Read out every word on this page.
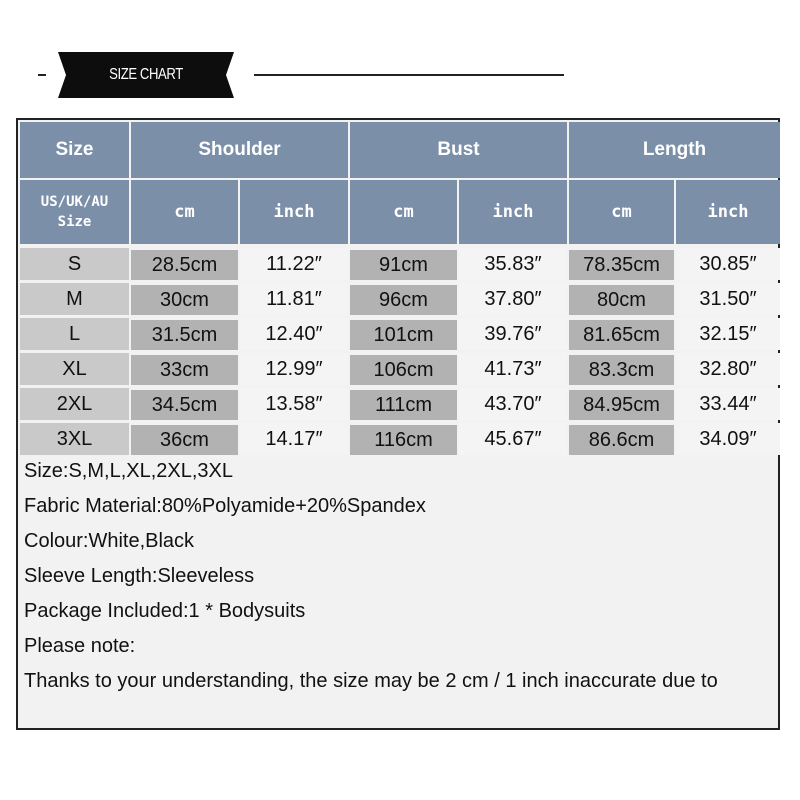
SIZE CHART
Size	Shoulder	Bust	Length
US/UK/AU
Size	cm	inch	cm	inch	cm	inch
S	28.5cm	11.22″	91cm	35.83″	78.35cm	30.85″
M	30cm	11.81″	96cm	37.80″	80cm	31.50″
L	31.5cm	12.40″	101cm	39.76″	81.65cm	32.15″
XL	33cm	12.99″	106cm	41.73″	83.3cm	32.80″
2XL	34.5cm	13.58″	111cm	43.70″	84.95cm	33.44″
3XL	36cm	14.17″	116cm	45.67″	86.6cm	34.09″
Size:S,M,L,XL,2XL,3XL
Fabric Material:80%Polyamide+20%Spandex
Colour:White,Black
Sleeve Length:Sleeveless
Package Included:1 * Bodysuits
Please note:
Thanks to your understanding, the size may be 2 cm / 1 inch inaccurate due to
